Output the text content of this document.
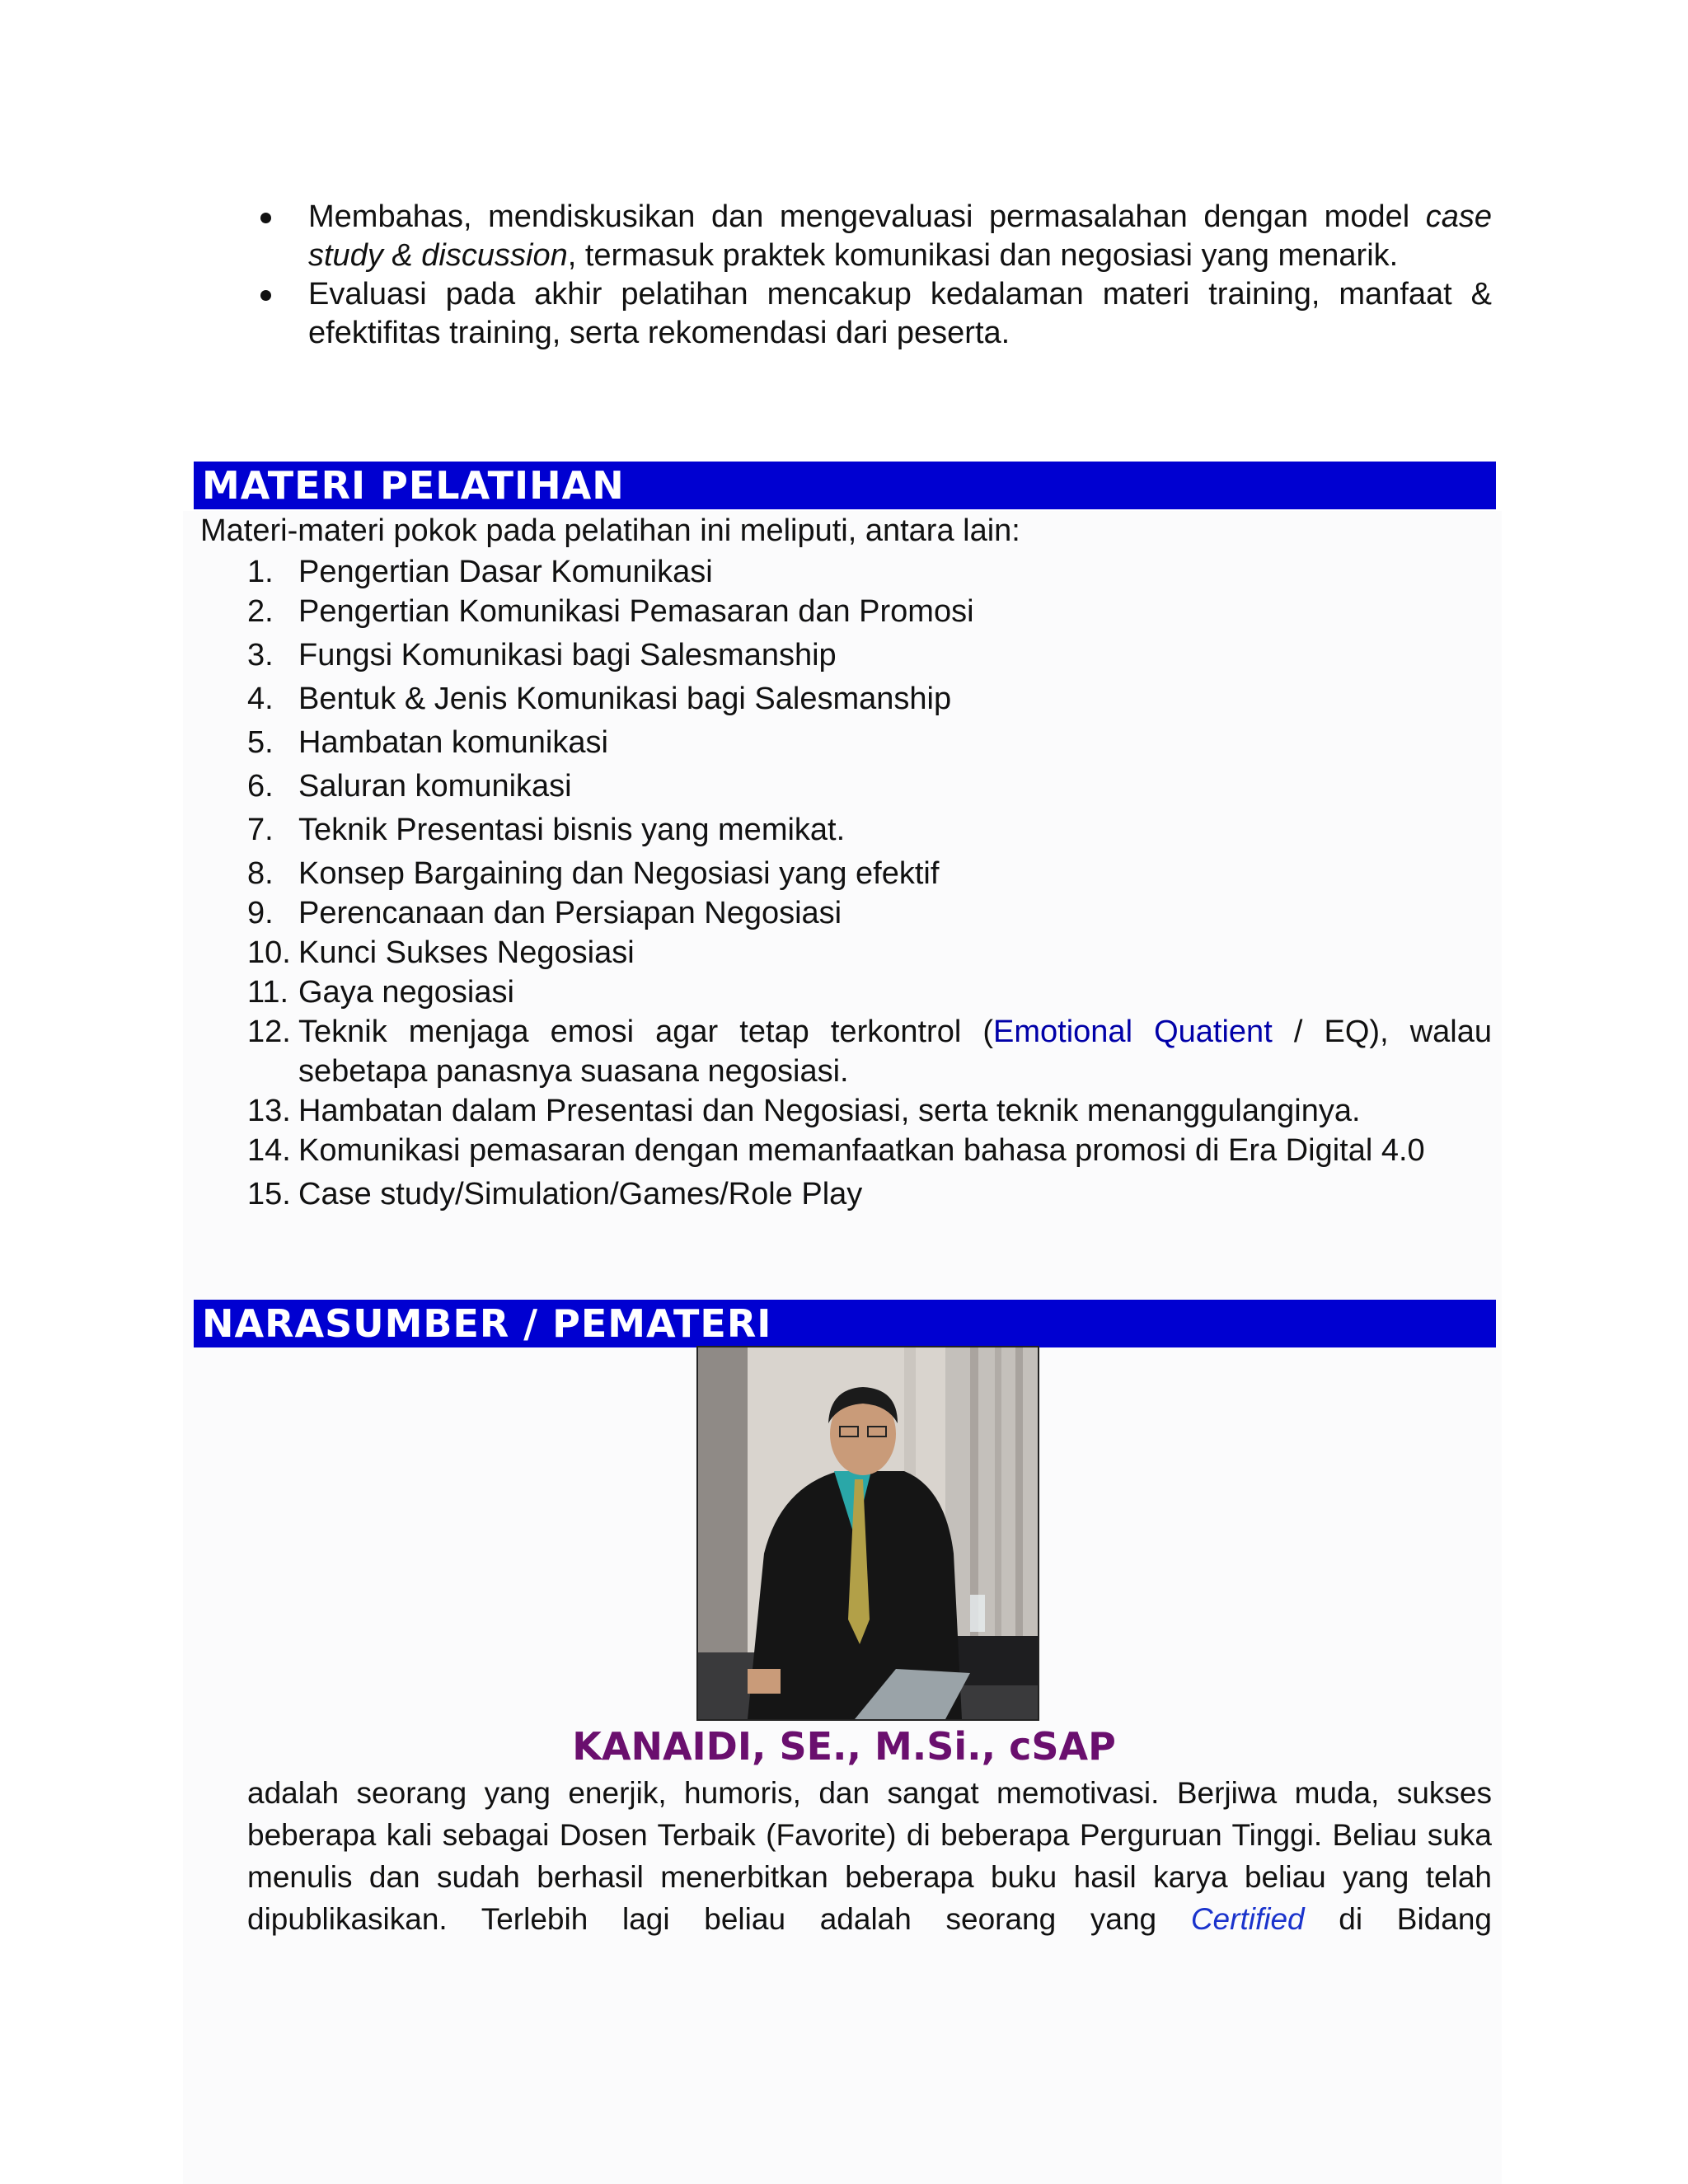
Membahas, mendiskusikan dan mengevaluasi permasalahan dengan model case study & discussion, termasuk praktek komunikasi dan negosiasi yang menarik.
Evaluasi pada akhir pelatihan mencakup kedalaman materi training, manfaat & efektifitas training, serta rekomendasi dari peserta.
MATERI PELATIHAN
Materi-materi pokok pada pelatihan ini meliputi, antara lain:
1. Pengertian Dasar Komunikasi
2. Pengertian Komunikasi Pemasaran dan Promosi
3. Fungsi Komunikasi bagi Salesmanship
4. Bentuk & Jenis Komunikasi bagi Salesmanship
5. Hambatan komunikasi
6. Saluran komunikasi
7. Teknik Presentasi bisnis yang memikat.
8. Konsep Bargaining dan Negosiasi yang efektif
9. Perencanaan dan Persiapan Negosiasi
10. Kunci Sukses Negosiasi
11. Gaya negosiasi
12. Teknik menjaga emosi agar tetap terkontrol (Emotional Quatient / EQ), walau sebetapa panasnya suasana negosiasi.
13. Hambatan dalam Presentasi dan Negosiasi, serta teknik menanggulanginya.
14. Komunikasi pemasaran dengan memanfaatkan bahasa promosi di Era Digital 4.0
15. Case study/Simulation/Games/Role Play
NARASUMBER / PEMATERI
KANAIDI, SE., M.Si., cSAP
adalah seorang yang enerjik, humoris, dan sangat memotivasi. Berjiwa muda, sukses beberapa kali sebagai Dosen Terbaik (Favorite) di beberapa Perguruan Tinggi. Beliau suka menulis dan sudah berhasil menerbitkan beberapa buku hasil karya beliau yang telah dipublikasikan. Terlebih lagi beliau adalah seorang yang Certified di Bidang
